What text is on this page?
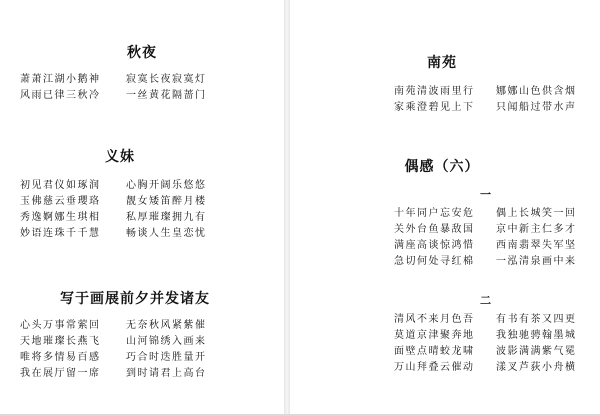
秋夜
萧萧江湖小鹅神
风雨已律三秋冷
寂寞长夜寂寞灯
一丝黄花隔蔷门
义妹
初见君仪如琢润
玉佛慈云垂瓔珞
秀逸婀娜生琪相
妙语连珠千千慧
心胸开阔乐悠悠
靓女矮笛醉月楼
私厚璀璨拥九有
畅谈人生皇恋忧
写于画展前夕并发诸友
心头万事常萦回
天地璀璨长燕飞
唯将多情易百感
我在展厅留一席
无奈秋风紧紫催
山河锦绣入画来
巧合时迭胜量开
到时请君上高台
南苑
南苑清波雨里行
家乘澄碧见上下
娜娜山色供含烟
只闻船过带水声
偶感（六）
一
十年同户忘安危
关外台鱼暴敌国
满座高谈惊鸿惜
急切何处寻红棉
偶上长城笑一回
京中新主仁多才
西南翡翠失军坚
一泓清泉画中来
二
清风不来月色吾
莫道京津聚奔地
面壁点晴蛟龙啸
万山拜叠云催动
有书有茶又四更
我独驰骋翰墨城
波影满满紫气冕
漾叉芦荻小舟横
